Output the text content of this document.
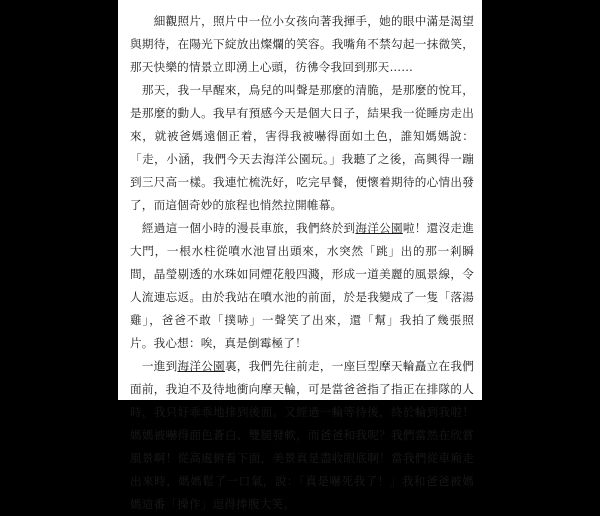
　　細觀照片，照片中一位小女孩向著我揮手，她的眼中滿是渴望與期待，在陽光下綻放出燦爛的笑容。我嘴角不禁勾起一抹微笑，那天快樂的情景立即湧上心頭，彷彿令我回到那天……

　那天，我一早醒來，鳥兒的叫聲是那麼的清脆，是那麼的悅耳，是那麼的動人。我早有預感今天是個大日子，結果我一從睡房走出來，就被爸媽遠個正着，害得我被嚇得面如土色，誰知媽媽說：「走，小涵，我們今天去海洋公園玩。」我聽了之後，高興得一蹦到三尺高一樣。我連忙梳洗好，吃完早餐，便懷着期待的心情出發了，而這個奇妙的旅程也悄然拉開帷幕。

　經過這一個小時的漫長車旅，我們終於到海洋公園啦！還沒走進大門，一根水柱從噴水池冒出頭來，水突然「跳」出的那一剎瞬間，晶瑩剔透的水珠如同煙花般四濺，形成一道美麗的風景線，令人流連忘返。由於我站在噴水池的前面，於是我變成了一隻「落湯雞」，爸爸不敢「撲哧」一聲笑了出來，還「幫」我拍了幾張照片。我心想：唉，真是倒霉極了！

　一進到海洋公園裏，我們先往前走，一座巨型摩天輪矗立在我們面前，我迫不及待地衝向摩天輪，可是當爸爸指了指正在排隊的人時，我只好乖乖地排到後面。又經過一輪等待後，終於輪到我啦！媽媽被嚇得面色蒼白、雙腿發軟，而爸爸和我呢？我們當然在欣賞風景啊！從高處俯看下面，美景真是盡收眼底啊！當我們從車廂走出來時，媽媽鬆了一口氣，說：「真是嚇死我了！」我和爸爸被媽媽這番「操作」逗得捧腹大笑。
